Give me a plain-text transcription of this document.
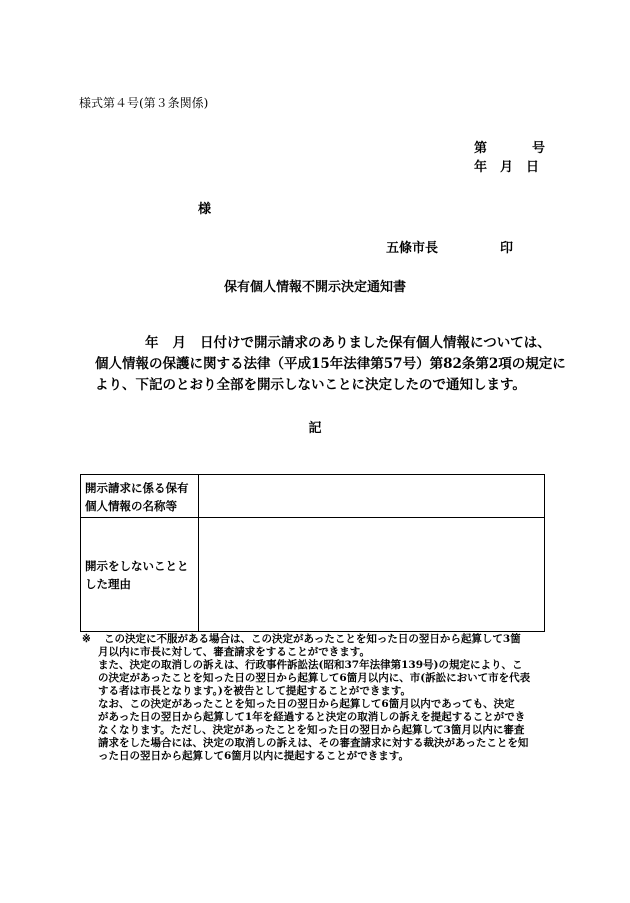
様式第４号(第３条関係)
第	号
年 月 日
様
五條市長	印
保有個人情報不開示決定通知書
年 月 日付けで開示請求のありました保有個人情報については、
個人情報の保護に関する法律（平成15年法律第57号）第82条第2項の規定に
より、下記のとおり全部を開示しないことに決定したので通知します。
記
開示請求に係る保有
個人情報の名称等
開示をしないことと
した理由
※ この決定に不服がある場合は、この決定があったことを知った日の翌日から起算して3箇
月以内に市長に対して、審査請求をすることができます。
また、決定の取消しの訴えは、行政事件訴訟法(昭和37年法律第139号)の規定により、こ
の決定があったことを知った日の翌日から起算して6箇月以内に、市(訴訟において市を代表
する者は市長となります。)を被告として提起することができます。
なお、この決定があったことを知った日の翌日から起算して6箇月以内であっても、決定
があった日の翌日から起算して1年を経過すると決定の取消しの訴えを提起することができ
なくなります。ただし、決定があったことを知った日の翌日から起算して3箇月以内に審査
請求をした場合には、決定の取消しの訴えは、その審査請求に対する裁決があったことを知
った日の翌日から起算して6箇月以内に提起することができます。
